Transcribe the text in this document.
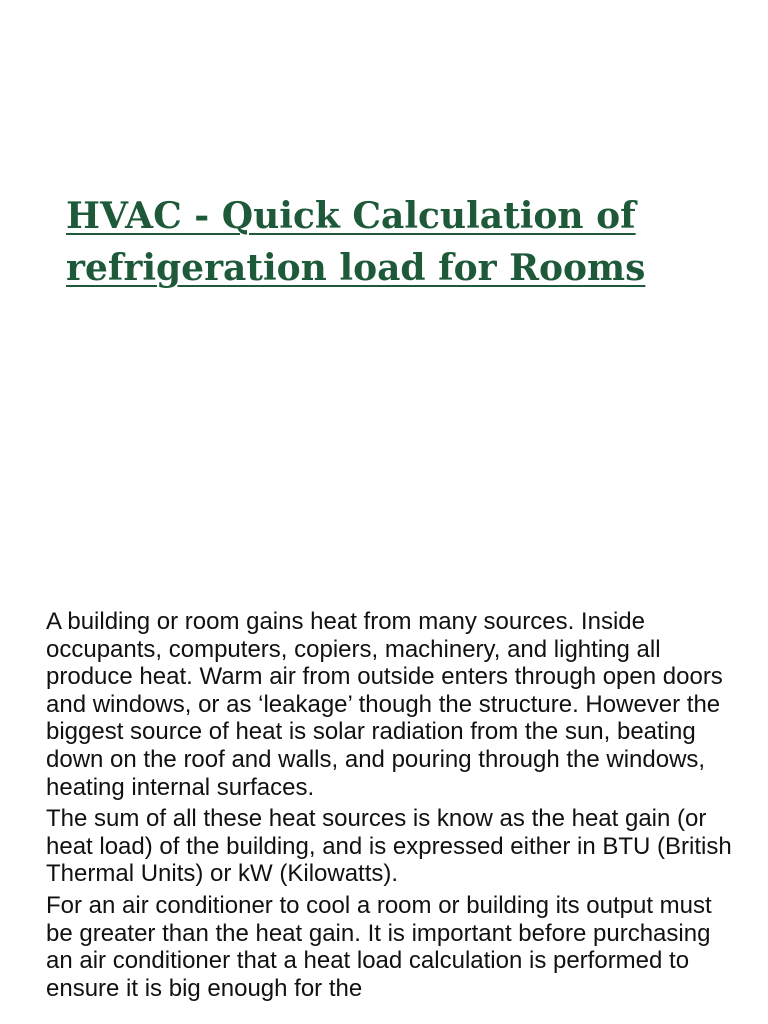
HVAC - Quick Calculation of
refrigeration load for Rooms

A building or room gains heat from many sources. Inside occupants, computers, copiers, machinery, and lighting all produce heat. Warm air from outside enters through open doors and windows, or as ‘leakage’ though the structure. However the biggest source of heat is solar radiation from the sun, beating down on the roof and walls, and pouring through the windows, heating internal surfaces.

The sum of all these heat sources is know as the heat gain (or heat load) of the building, and is expressed either in BTU (British Thermal Units) or kW (Kilowatts).

For an air conditioner to cool a room or building its output must be greater than the heat gain. It is important before purchasing an air conditioner that a heat load calculation is performed to ensure it is big enough for the
